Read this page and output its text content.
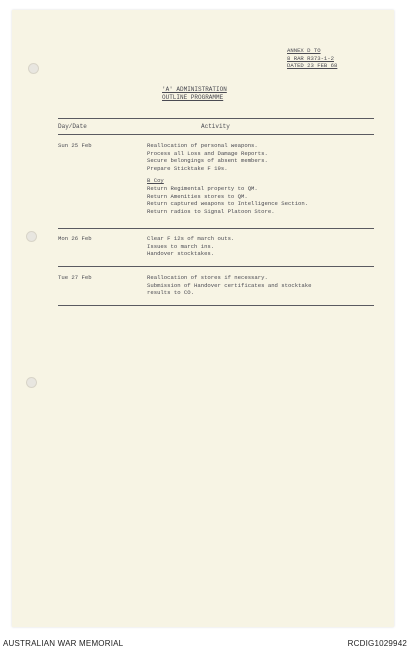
ANNEX D TO
8 RAR R373-1-2
DATED 23 FEB 68
'A' ADMINISTRATION
OUTLINE PROGRAMME
Day/Date	Activity
Sun 25 Feb	Reallocation of personal weapons.
Process all Loss and Damage Reports.
Secure belongings of absent members.
Prepare Sticktake F 19s.
B Coy
Return Regimental property to QM.
Return Amenities stores to QM.
Return captured weapons to Intelligence Section.
Return radios to Signal Platoon Store.
Mon 26 Feb	Clear F 12s of march outs.
Issues to march ins.
Handover stocktakes.
Tue 27 Feb	Reallocation of stores if necessary.
Submission of Handover certificates and stocktake
results to CO.
AUSTRALIAN WAR MEMORIAL	RCDIG1029942
